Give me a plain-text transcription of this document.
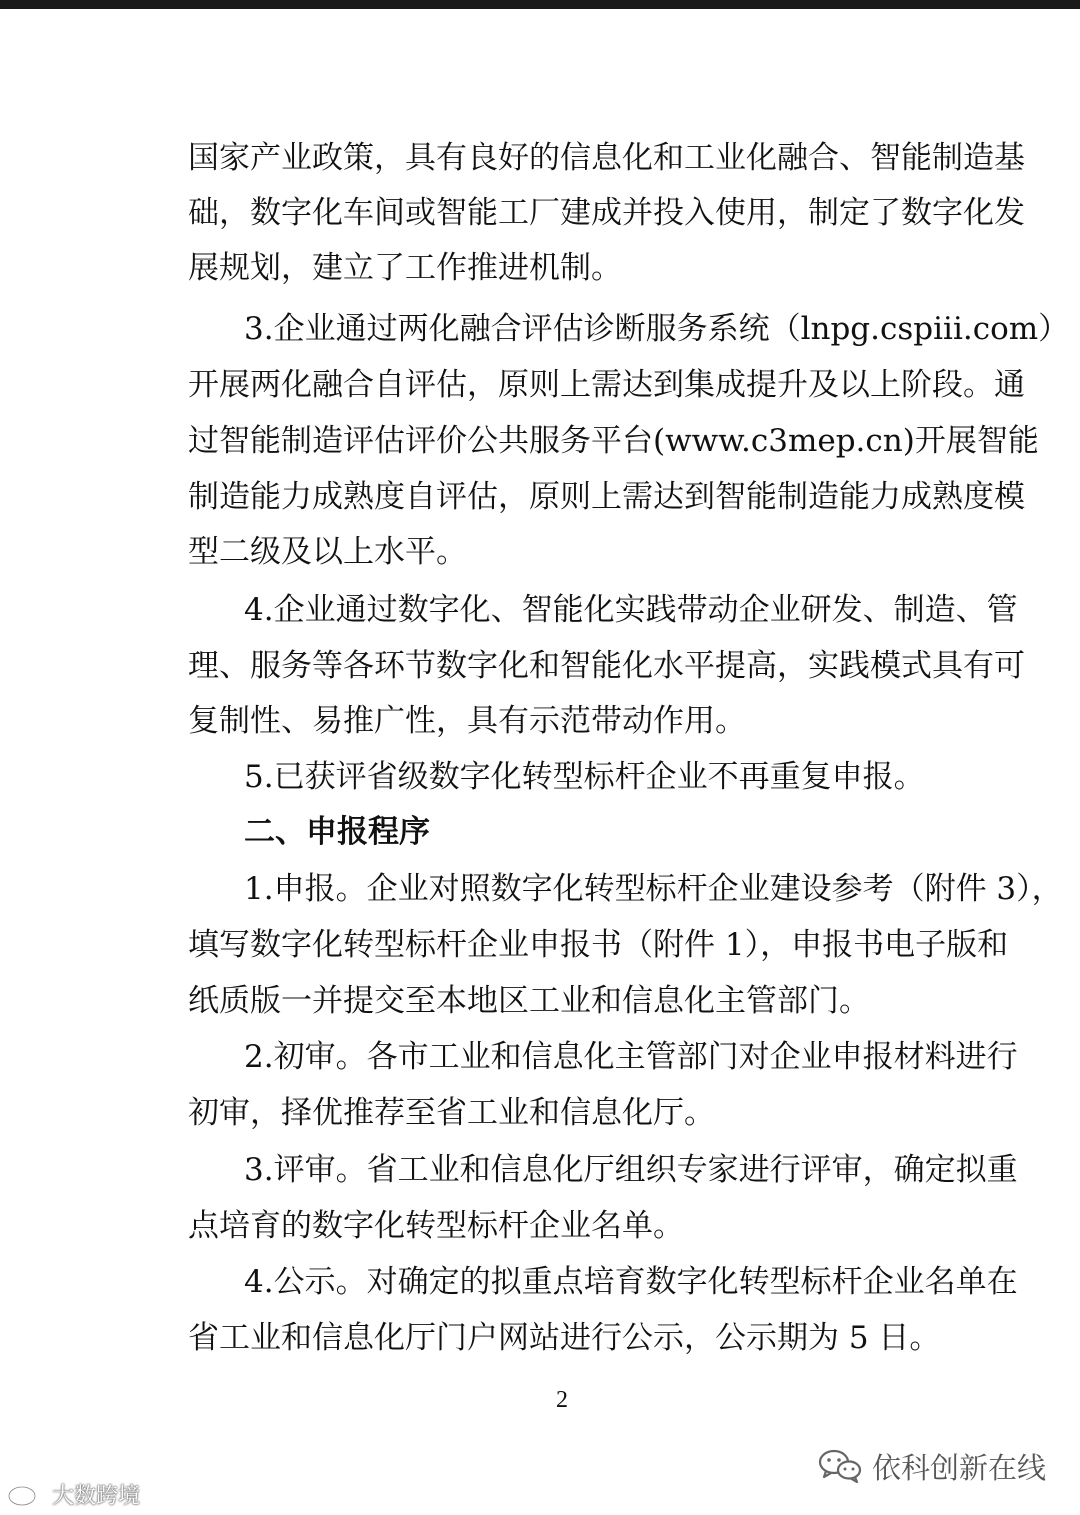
国家产业政策，具有良好的信息化和工业化融合、智能制造基
础，数字化车间或智能工厂建成并投入使用，制定了数字化发
展规划，建立了工作推进机制。
3.企业通过两化融合评估诊断服务系统（lnpg.cspiii.com）
开展两化融合自评估，原则上需达到集成提升及以上阶段。通
过智能制造评估评价公共服务平台(www.c3mep.cn)开展智能
制造能力成熟度自评估，原则上需达到智能制造能力成熟度模
型二级及以上水平。
4.企业通过数字化、智能化实践带动企业研发、制造、管
理、服务等各环节数字化和智能化水平提高，实践模式具有可
复制性、易推广性，具有示范带动作用。
5.已获评省级数字化转型标杆企业不再重复申报。
二、申报程序
1.申报。企业对照数字化转型标杆企业建设参考（附件 3），
填写数字化转型标杆企业申报书（附件 1），申报书电子版和
纸质版一并提交至本地区工业和信息化主管部门。
2.初审。各市工业和信息化主管部门对企业申报材料进行
初审，择优推荐至省工业和信息化厅。
3.评审。省工业和信息化厅组织专家进行评审，确定拟重
点培育的数字化转型标杆企业名单。
4.公示。对确定的拟重点培育数字化转型标杆企业名单在
省工业和信息化厅门户网站进行公示，公示期为 5 日。
2
依科创新在线
大数跨境
